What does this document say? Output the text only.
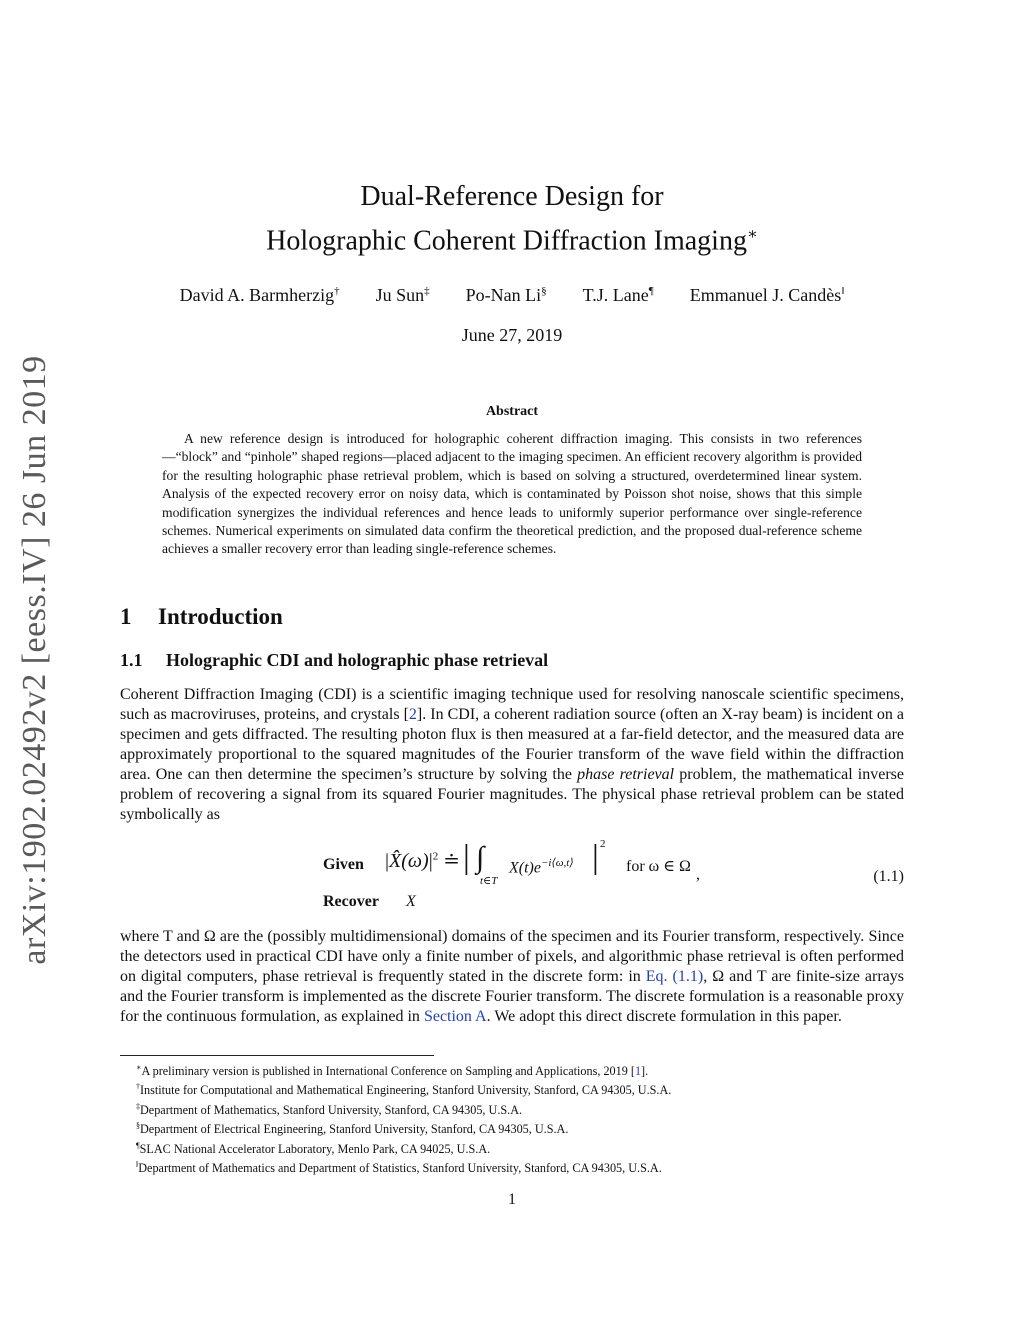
arXiv:1902.02492v2 [eess.IV] 26 Jun 2019
Dual-Reference Design for
Holographic Coherent Diffraction Imaging∗
David A. Barmherzig† Ju Sun‡ Po-Nan Li§ T.J. Lane¶ Emmanuel J. Candès‖
June 27, 2019
Abstract
A new reference design is introduced for holographic coherent diffraction imaging. This consists in two references—“block” and “pinhole” shaped regions—placed adjacent to the imaging specimen. An efficient recovery algorithm is provided for the resulting holographic phase retrieval problem, which is based on solving a structured, overdetermined linear system. Analysis of the expected recovery error on noisy data, which is contaminated by Poisson shot noise, shows that this simple modification synergizes the individual references and hence leads to uniformly superior performance over single-reference schemes. Numerical experiments on simulated data confirm the theoretical prediction, and the proposed dual-reference scheme achieves a smaller recovery error than leading single-reference schemes.
1 Introduction
1.1 Holographic CDI and holographic phase retrieval
Coherent Diffraction Imaging (CDI) is a scientific imaging technique used for resolving nanoscale scientific specimens, such as macroviruses, proteins, and crystals [2]. In CDI, a coherent radiation source (often an X-ray beam) is incident on a specimen and gets diffracted. The resulting photon flux is then measured at a far-field detector, and the measured data are approximately proportional to the squared magnitudes of the Fourier transform of the wave field within the diffraction area. One can then determine the specimen’s structure by solving the phase retrieval problem, the mathematical inverse problem of recovering a signal from its squared Fourier magnitudes. The physical phase retrieval problem can be stated symbolically as
Given
Recover X
$|X̂(\omega)|^2$ ≐ | ∫
t∈T
$X(t)e^{-i⟨\omega,t⟩}$ | 2
for ω ∈ Ω ,	(1.1)
where T and Ω are the (possibly multidimensional) domains of the specimen and its Fourier transform, respectively. Since the detectors used in practical CDI have only a finite number of pixels, and algorithmic phase retrieval is often performed on digital computers, phase retrieval is frequently stated in the discrete form: in Eq. (1.1), Ω and T are finite-size arrays and the Fourier transform is implemented as the discrete Fourier transform. The discrete formulation is a reasonable proxy for the continuous formulation, as explained in Section A. We adopt this direct discrete formulation in this paper.
∗A preliminary version is published in International Conference on Sampling and Applications, 2019 [1].
†Institute for Computational and Mathematical Engineering, Stanford University, Stanford, CA 94305, U.S.A.
‡Department of Mathematics, Stanford University, Stanford, CA 94305, U.S.A.
§Department of Electrical Engineering, Stanford University, Stanford, CA 94305, U.S.A.
¶SLAC National Accelerator Laboratory, Menlo Park, CA 94025, U.S.A.
‖Department of Mathematics and Department of Statistics, Stanford University, Stanford, CA 94305, U.S.A.
1
